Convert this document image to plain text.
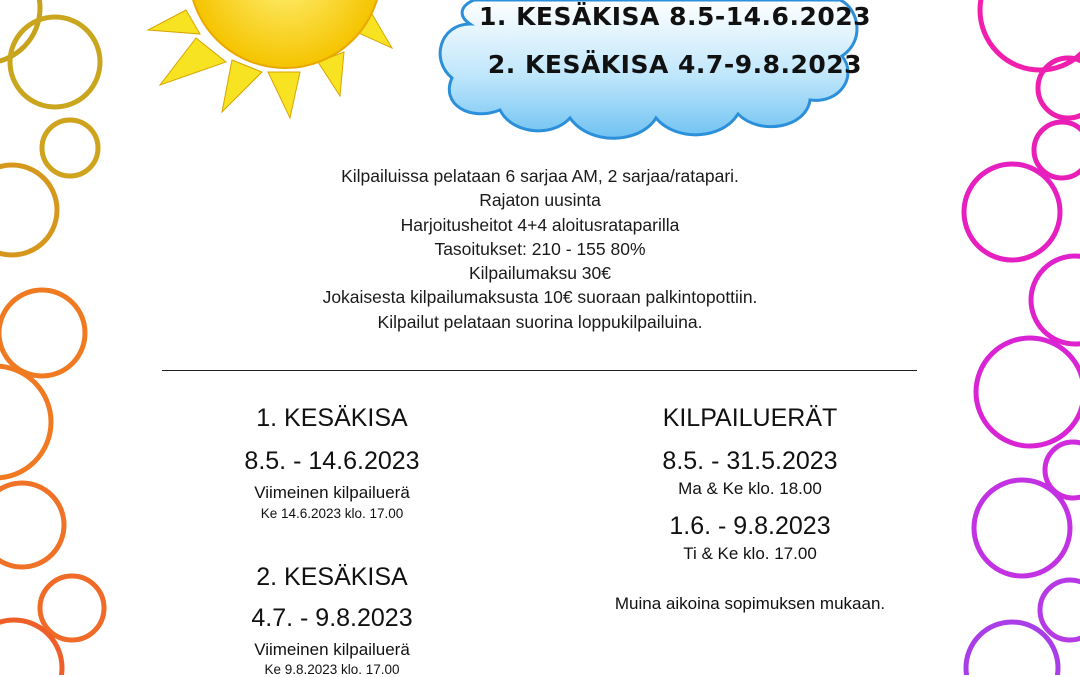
1. KESÄKISA 8.5-14.6.2023
2. KESÄKISA 4.7-9.8.2023
Kilpailuissa pelataan 6 sarjaa AM, 2 sarjaa/ratapari.
Rajaton uusinta
Harjoitusheitot 4+4 aloitusrataparilla
Tasoitukset: 210 - 155 80%
Kilpailumaksu 30€
Jokaisesta kilpailumaksusta 10€ suoraan palkintopottiin.
Kilpailut pelataan suorina loppukilpailuina.
1. KESÄKISA
8.5. - 14.6.2023
Viimeinen kilpailuerä
Ke 14.6.2023 klo. 17.00
2. KESÄKISA
4.7. - 9.8.2023
Viimeinen kilpailuerä
Ke 9.8.2023 klo. 17.00
KILPAILUERÄT
8.5. - 31.5.2023
Ma & Ke klo. 18.00
1.6. - 9.8.2023
Ti & Ke klo. 17.00
Muina aikoina sopimuksen mukaan.
